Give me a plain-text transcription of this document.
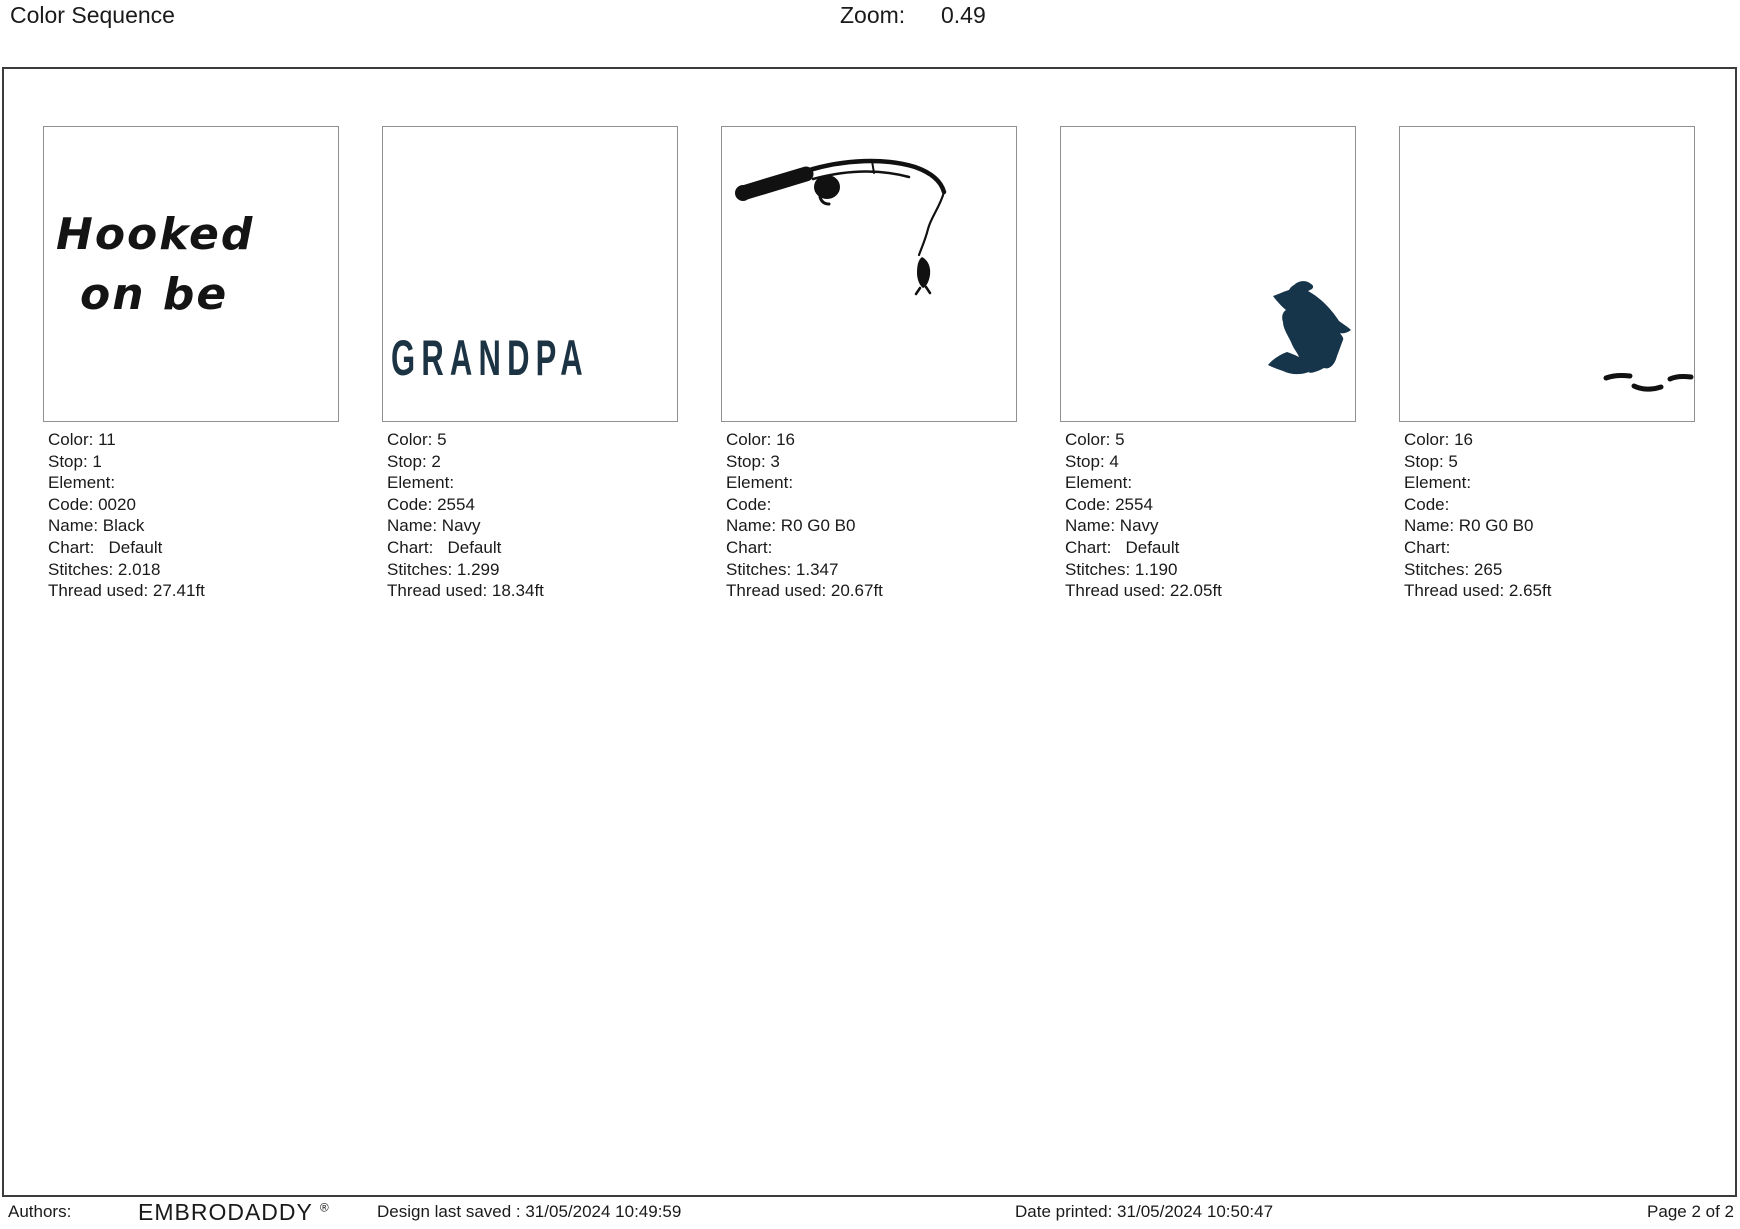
Color Sequence	Zoom: 0.49
Hooked
on be
Color: 11
Stop: 1
Element:
Code: 0020
Name: Black
Chart:   Default
Stitches: 2.018
Thread used: 27.41ft
GRANDPA
Color: 5
Stop: 2
Element:
Code: 2554
Name: Navy
Chart:   Default
Stitches: 1.299
Thread used: 18.34ft
Color: 16
Stop: 3
Element:
Code:
Name: R0 G0 B0
Chart:
Stitches: 1.347
Thread used: 20.67ft
Color: 5
Stop: 4
Element:
Code: 2554
Name: Navy
Chart:   Default
Stitches: 1.190
Thread used: 22.05ft
Color: 16
Stop: 5
Element:
Code:
Name: R0 G0 B0
Chart:
Stitches: 265
Thread used: 2.65ft
Authors:	EMBRODADDY ®	Design last saved : 31/05/2024 10:49:59	Date printed: 31/05/2024 10:50:47	Page 2 of 2
